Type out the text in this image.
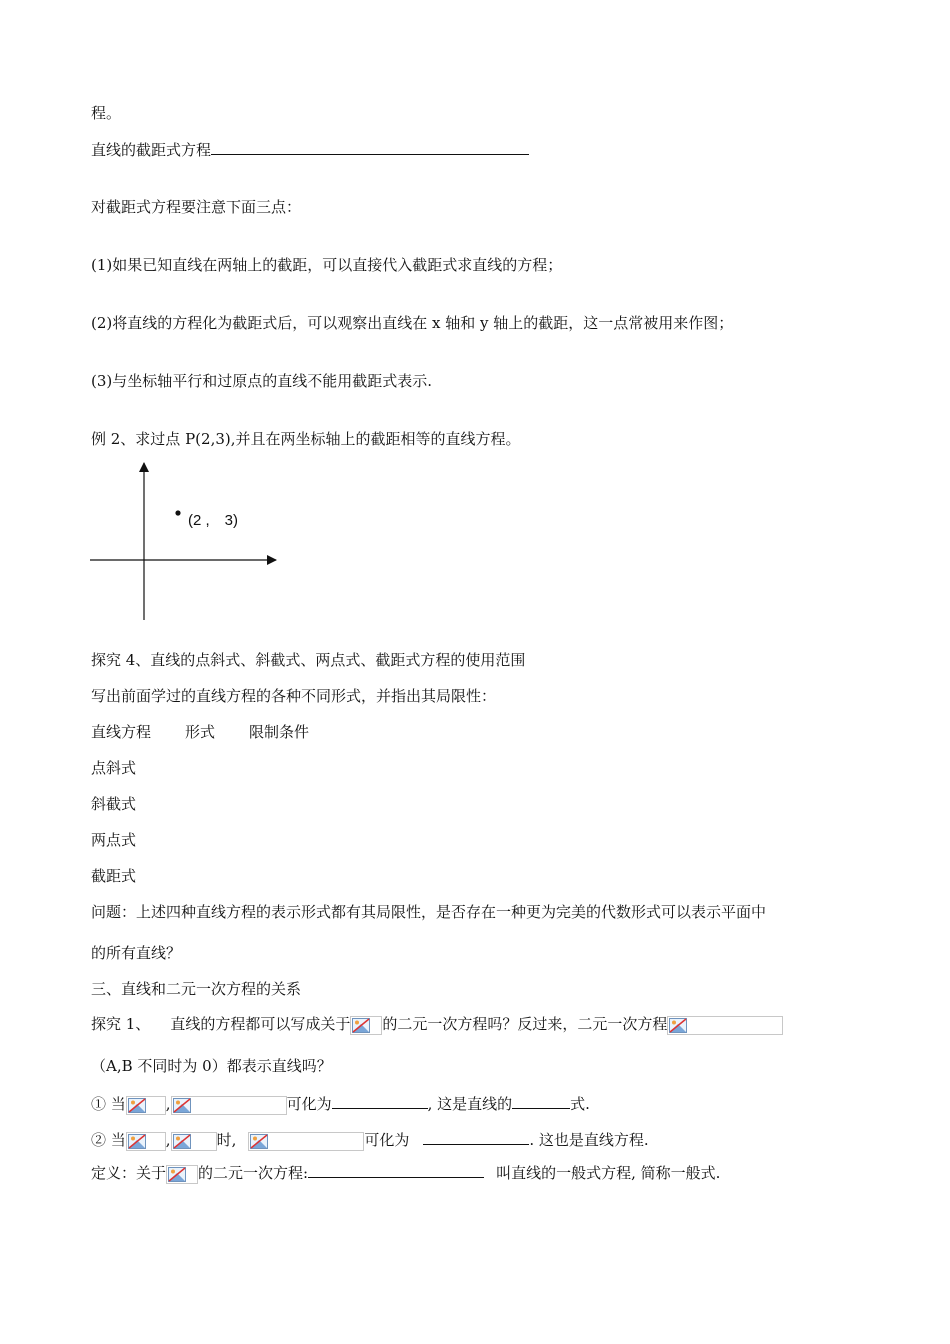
程。
直线的截距式方程
对截距式方程要注意下面三点：
(1)如果已知直线在两轴上的截距，可以直接代入截距式求直线的方程；
(2)将直线的方程化为截距式后，可以观察出直线在 x 轴和 y 轴上的截距，这一点常被用来作图；
(3)与坐标轴平行和过原点的直线不能用截距式表示.
例 2、求过点 P(2,3),并且在两坐标轴上的截距相等的直线方程。
(2 ,　3)
探究 4、直线的点斜式、斜截式、两点式、截距式方程的使用范围
写出前面学过的直线方程的各种不同形式，并指出其局限性：
直线方程 形式 限制条件
点斜式
斜截式
两点式
截距式
问题：上述四种直线方程的表示形式都有其局限性，是否存在一种更为完美的代数形式可以表示平面中
的所有直线？
三、直线和二元一次方程的关系
探究 1、 直线的方程都可以写成关于 的二元一次方程吗？反过来，二元一次方程
（A,B 不同时为 0）都表示直线吗？
① 当	,	可化为	, 这是直线的	式.
② 当	,	时,	可化为	. 这也是直线方程.
定义：关于 的二元一次方程:	叫直线的一般式方程, 简称一般式.
